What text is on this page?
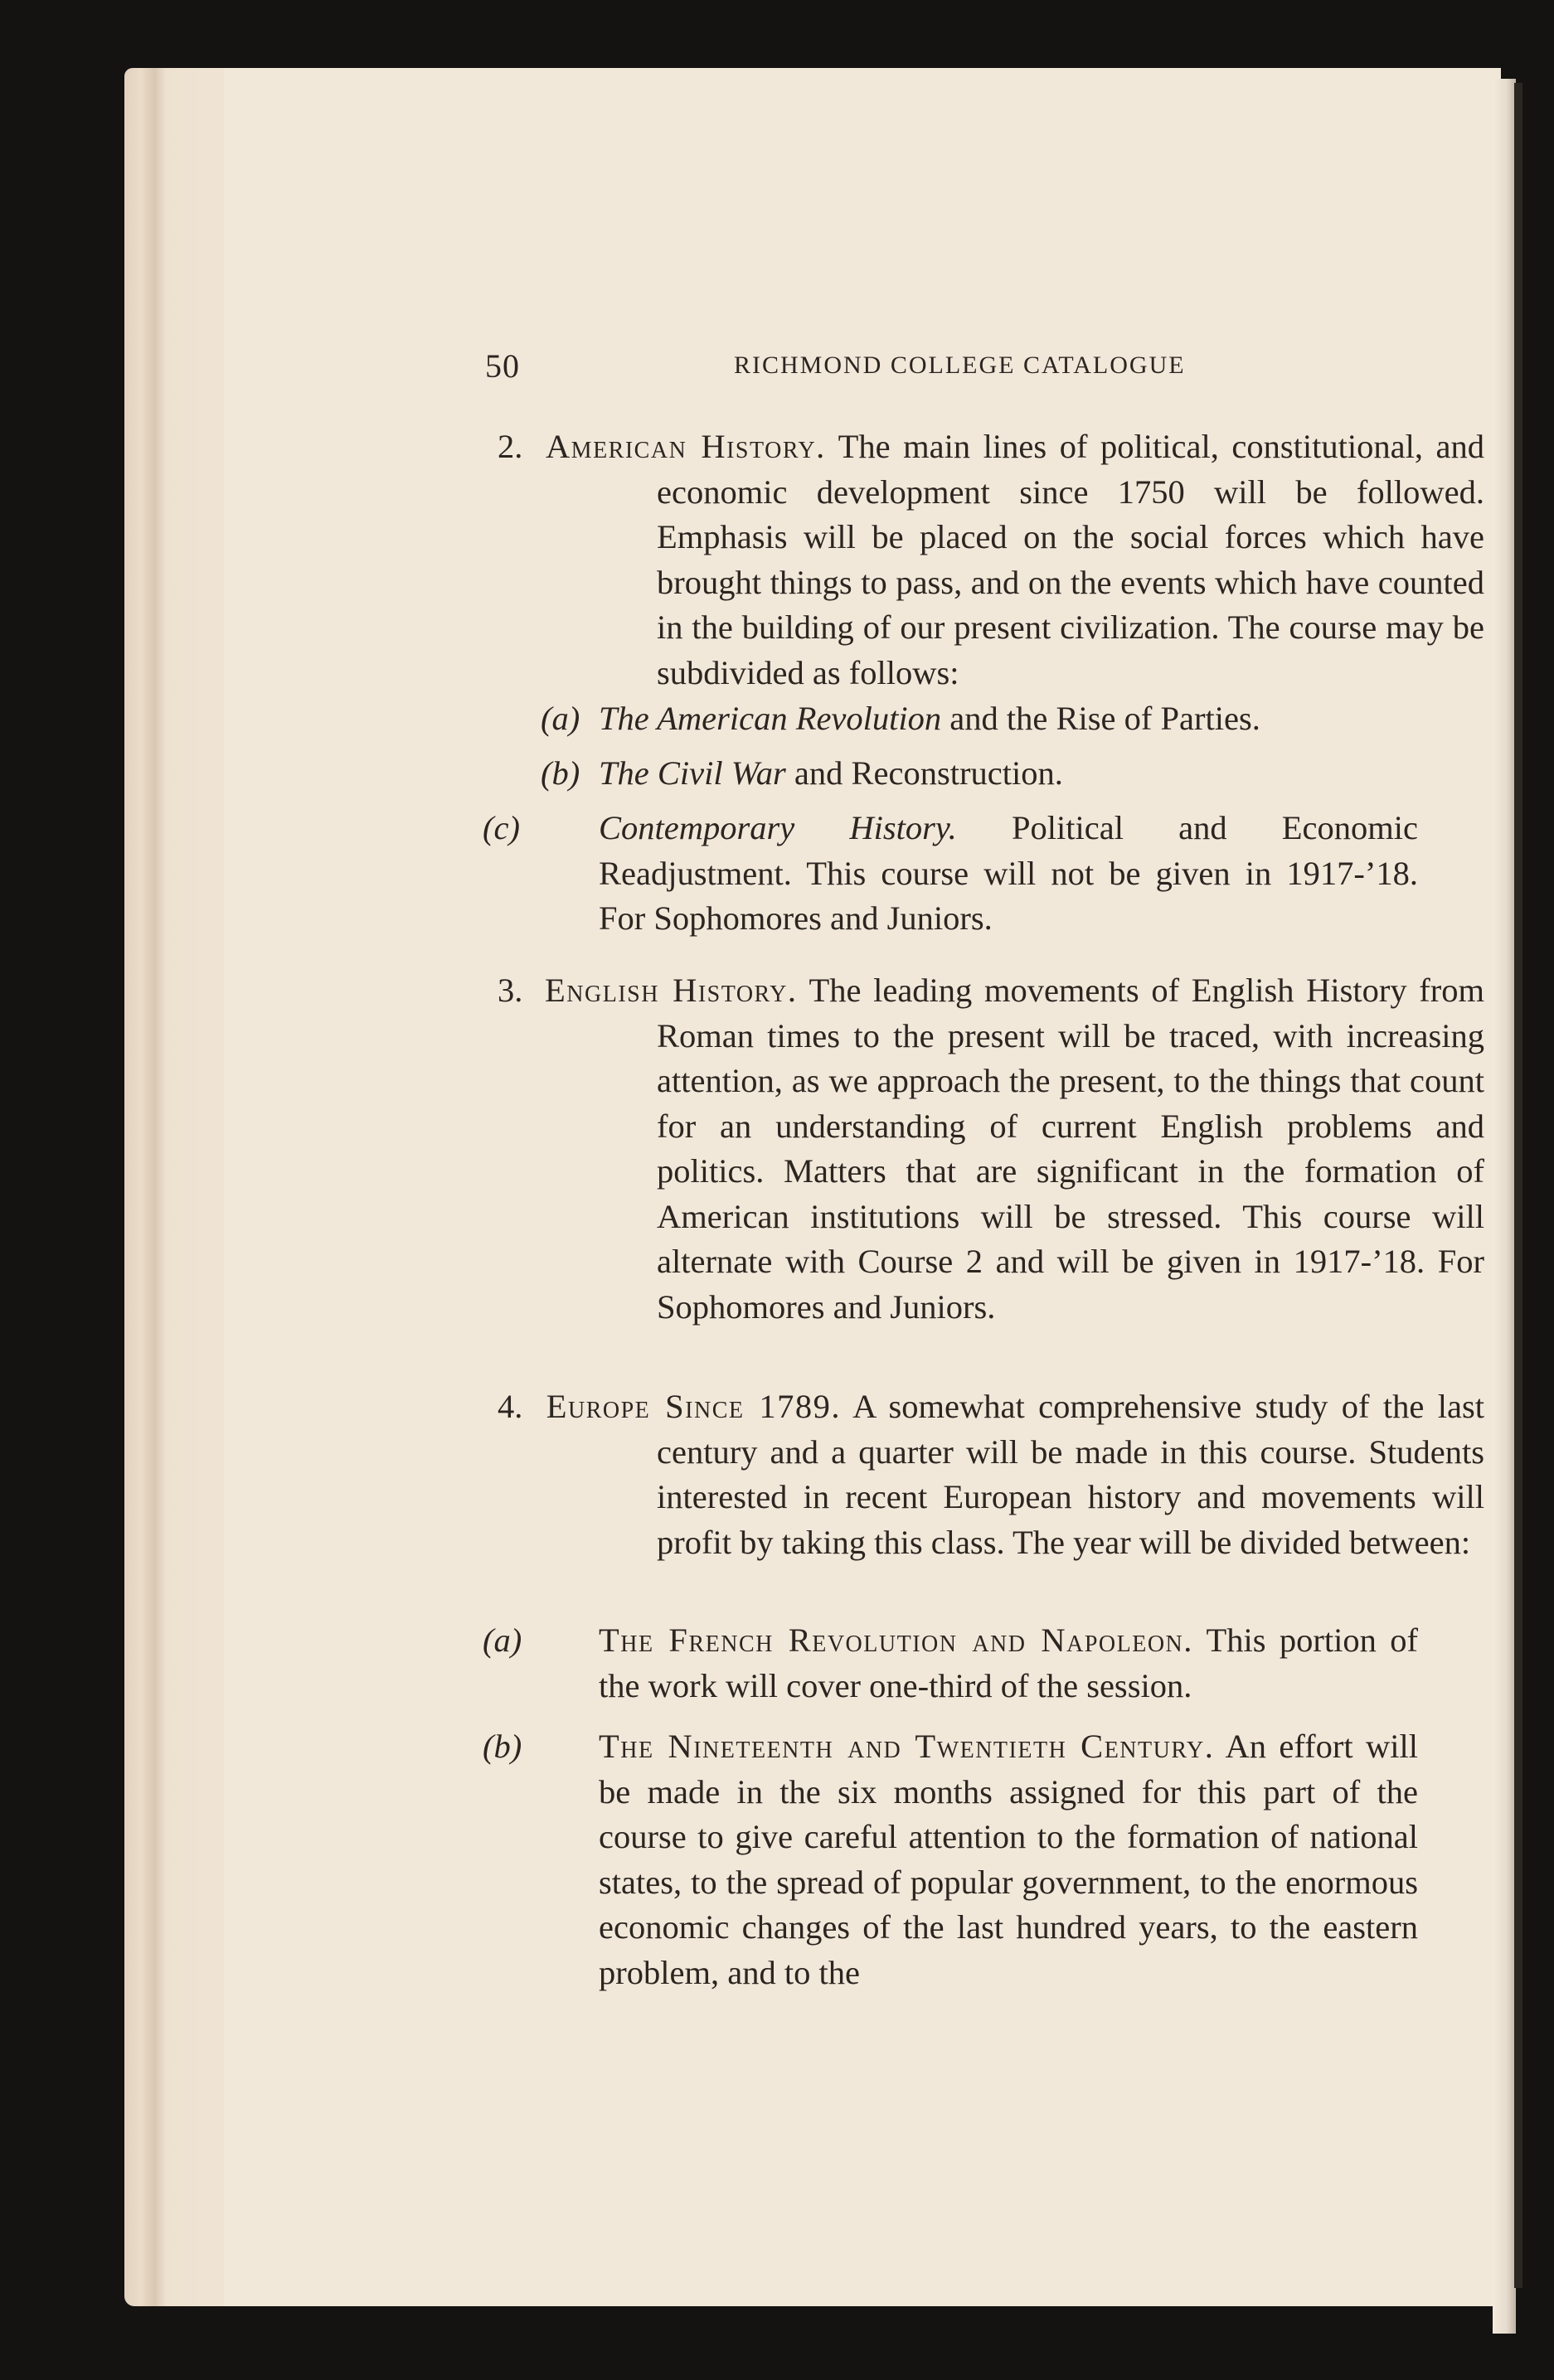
50	RICHMOND COLLEGE CATALOGUE
2. American History. The main lines of political, constitutional, and economic development since 1750 will be followed. Emphasis will be placed on the social forces which have brought things to pass, and on the events which have counted in the building of our present civilization. The course may be subdivided as follows:
(a) The American Revolution and the Rise of Parties.
(b) The Civil War and Reconstruction.
(c) Contemporary History. Political and Economic Readjustment. This course will not be given in 1917-’18. For Sophomores and Juniors.
3. English History. The leading movements of English History from Roman times to the present will be traced, with increasing attention, as we approach the present, to the things that count for an understanding of current English problems and politics. Matters that are significant in the formation of American institutions will be stressed. This course will alternate with Course 2 and will be given in 1917-’18. For Sophomores and Juniors.
4. Europe Since 1789. A somewhat comprehensive study of the last century and a quarter will be made in this course. Students interested in recent European history and movements will profit by taking this class. The year will be divided between:
(a) The French Revolution and Napoleon. This portion of the work will cover one-third of the session.
(b) The Nineteenth and Twentieth Century. An effort will be made in the six months assigned for this part of the course to give careful attention to the formation of national states, to the spread of popular government, to the enormous economic changes of the last hundred years, to the eastern problem, and to the
